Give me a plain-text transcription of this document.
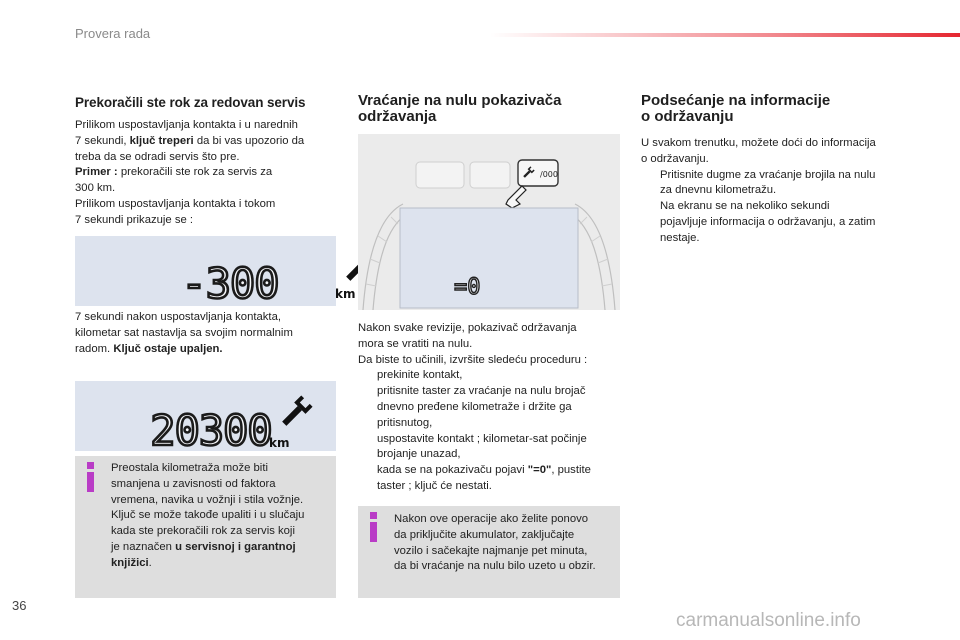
Provera rada
Prekoračili ste rok za redovan servis

Prilikom uspostavljanja kontakta i u narednih

7 sekundi, ključ treperi da bi vas upozorio da

treba da se odradi servis što pre.

Primer : prekoračili ste rok za servis za

300 km.

Prilikom uspostavljanja kontakta i tokom

7 sekundi prikazuje se :

-300	km

7 sekundi nakon uspostavljanja kontakta,

kilometar sat nastavlja sa svojim normalnim

radom. Ključ ostaje upaljen.

20300
km

Preostala kilometraža može biti

smanjena u zavisnosti od faktora

vremena, navika u vožnji i stila vožnje.

Ključ se može takođe upaliti i u slučaju

kada ste prekoračili rok za servis koji

je naznačen u servisnoj i garantnoj

knjižici.

Vraćanje na nulu pokazivača
održavanja
/000
=0

Nakon svake revizije, pokazivač održavanja

mora se vratiti na nulu.

Da biste to učinili, izvršite sledeću proceduru :

prekinite kontakt,
pritisnite taster za vraćanje na nulu brojač
dnevno pređene kilometraže i držite ga
pritisnutog,
uspostavite kontakt ; kilometar-sat počinje
brojanje unazad,
kada se na pokazivaču pojavi "=0", pustite
taster ; ključ će nestati.

Nakon ove operacije ako želite ponovo

da priključite akumulator, zaključajte

vozilo i sačekajte najmanje pet minuta,

da bi vraćanje na nulu bilo uzeto u obzir.

Podsećanje na informacije
o održavanju

U svakom trenutku, možete doći do informacija

o održavanju.

Pritisnite dugme za vraćanje brojila na nulu
za dnevnu kilometražu.
Na ekranu se na nekoliko sekundi
pojavljuje informacija o održavanju, a zatim
nestaje.
36
carmanualsonline.info
